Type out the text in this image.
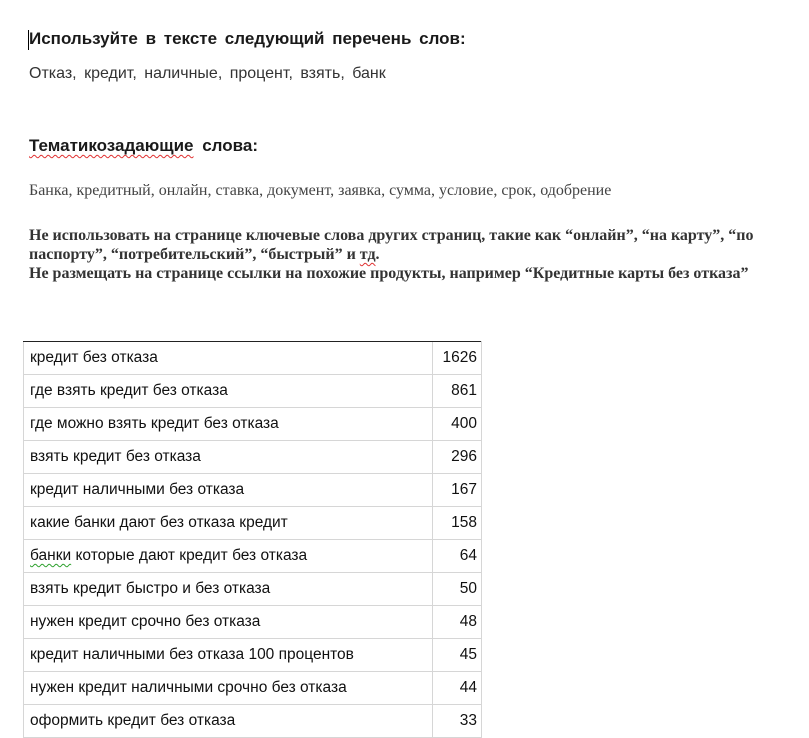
Используйте в тексте следующий перечень слов:
Отказ, кредит, наличные, процент, взять, банк
Тематикозадающие слова:
Банка, кредитный, онлайн, ставка, документ, заявка, сумма, условие, срок, одобрение
Не использовать на странице ключевые слова других страниц, такие как “онлайн”, “на карту”, “по паспорту”, “потребительский”, “быстрый” и тд.
Не размещать на странице ссылки на похожие продукты, например “Кредитные карты без отказа”
кредит без отказа	1626
где взять кредит без отказа	861
где можно взять кредит без отказа	400
взять кредит без отказа	296
кредит наличными без отказа	167
какие банки дают без отказа кредит	158
банки которые дают кредит без отказа	64
взять кредит быстро и без отказа	50
нужен кредит срочно без отказа	48
кредит наличными без отказа 100 процентов	45
нужен кредит наличными срочно без отказа	44
оформить кредит без отказа	33
